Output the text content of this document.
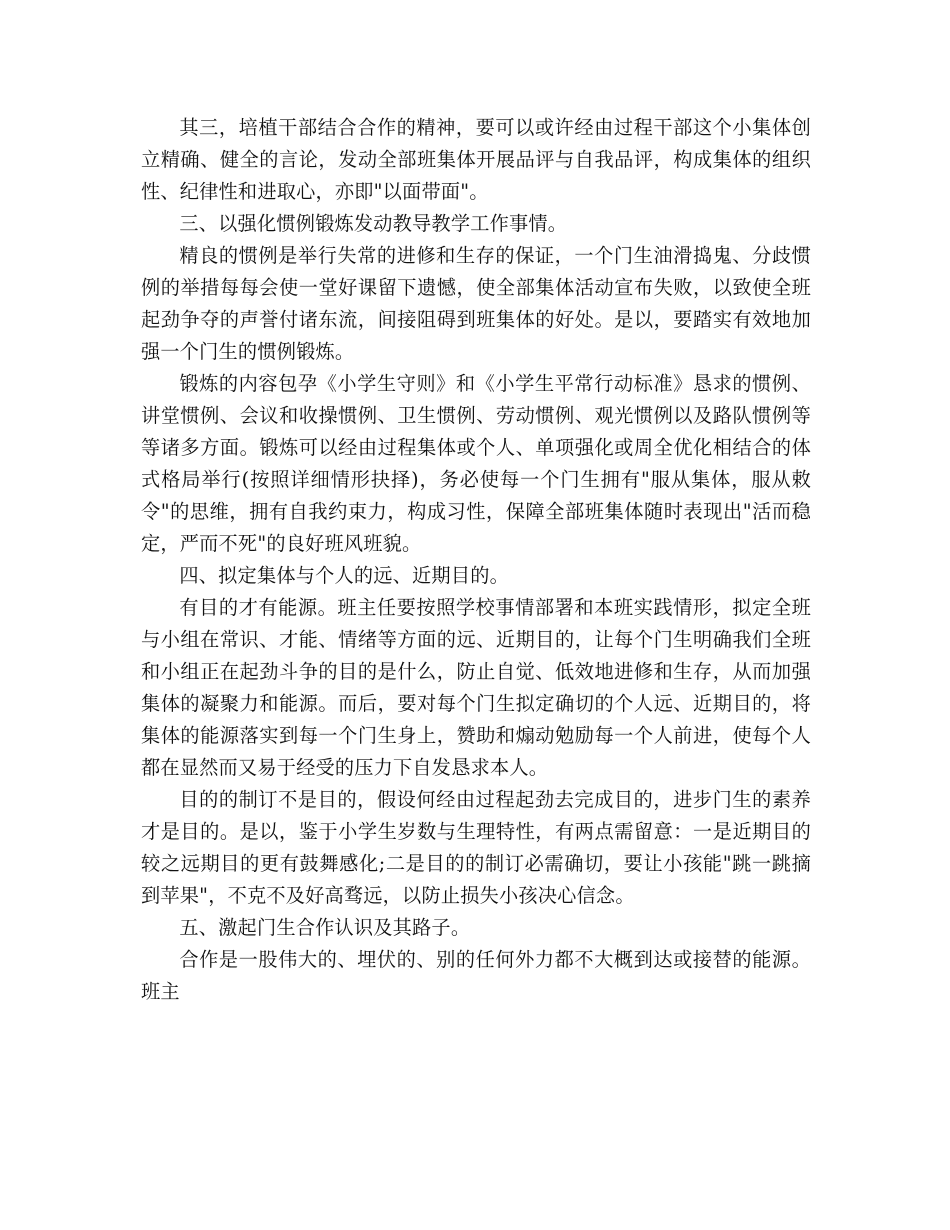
其三，培植干部结合合作的精神，要可以或许经由过程干部这个小集体创立精确、健全的言论，发动全部班集体开展品评与自我品评，构成集体的组织性、纪律性和进取心，亦即"以面带面"。

三、以强化惯例锻炼发动教导教学工作事情。

精良的惯例是举行失常的进修和生存的保证，一个门生油滑捣鬼、分歧惯例的举措每每会使一堂好课留下遗憾，使全部集体活动宣布失败，以致使全班起劲争夺的声誉付诸东流，间接阻碍到班集体的好处。是以，要踏实有效地加强一个门生的惯例锻炼。

锻炼的内容包孕《小学生守则》和《小学生平常行动标准》恳求的惯例、讲堂惯例、会议和收操惯例、卫生惯例、劳动惯例、观光惯例以及路队惯例等等诸多方面。锻炼可以经由过程集体或个人、单项强化或周全优化相结合的体式格局举行(按照详细情形抉择)，务必使每一个门生拥有"服从集体，服从敕令"的思维，拥有自我约束力，构成习性，保障全部班集体随时表现出"活而稳定，严而不死"的良好班风班貌。

四、拟定集体与个人的远、近期目的。

有目的才有能源。班主任要按照学校事情部署和本班实践情形，拟定全班与小组在常识、才能、情绪等方面的远、近期目的，让每个门生明确我们全班和小组正在起劲斗争的目的是什么，防止自觉、低效地进修和生存，从而加强集体的凝聚力和能源。而后，要对每个门生拟定确切的个人远、近期目的，将集体的能源落实到每一个门生身上，赞助和煽动勉励每一个人前进，使每个人都在显然而又易于经受的压力下自发恳求本人。

目的的制订不是目的，假设何经由过程起劲去完成目的，进步门生的素养才是目的。是以，鉴于小学生岁数与生理特性，有两点需留意：一是近期目的较之远期目的更有鼓舞感化;二是目的的制订必需确切，要让小孩能"跳一跳摘到苹果"，不克不及好高骛远，以防止损失小孩决心信念。

五、激起门生合作认识及其路子。

合作是一股伟大的、埋伏的、别的任何外力都不大概到达或接替的能源。班主
